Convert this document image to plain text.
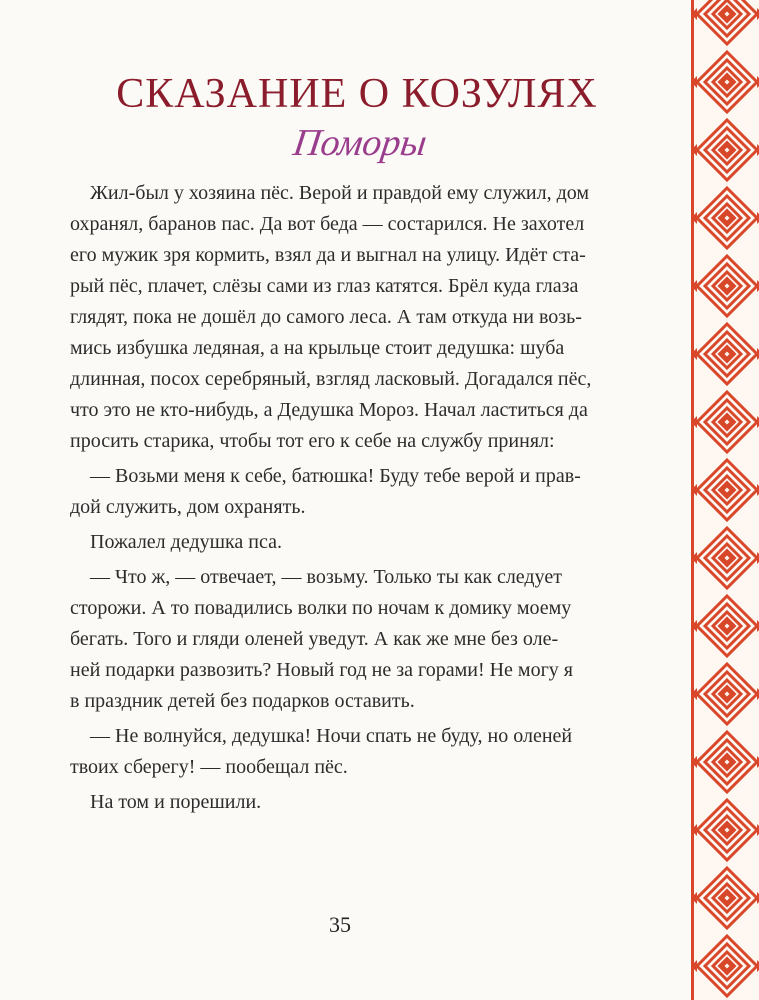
СКАЗАНИЕ О КОЗУЛЯХ
Поморы
Жил-был у хозяина пёс. Верой и правдой ему служил, дом
охранял, баранов пас. Да вот беда — состарился. Не захотел
его мужик зря кормить, взял да и выгнал на улицу. Идёт ста-
рый пёс, плачет, слёзы сами из глаз катятся. Брёл куда глаза
глядят, пока не дошёл до самого леса. А там откуда ни возь-
мись избушка ледяная, а на крыльце стоит дедушка: шуба
длинная, посох серебряный, взгляд ласковый. Догадался пёс,
что это не кто-нибудь, а Дедушка Мороз. Начал ластиться да
просить старика, чтобы тот его к себе на службу принял:
— Возьми меня к себе, батюшка! Буду тебе верой и прав-
дой служить, дом охранять.
Пожалел дедушка пса.
— Что ж, — отвечает, — возьму. Только ты как следует
сторожи. А то повадились волки по ночам к домику моему
бегать. Того и гляди оленей уведут. А как же мне без оле-
ней подарки развозить? Новый год не за горами! Не могу я
в праздник детей без подарков оставить.
— Не волнуйся, дедушка! Ночи спать не буду, но оленей
твоих сберегу! — пообещал пёс.
На том и порешили.
35
